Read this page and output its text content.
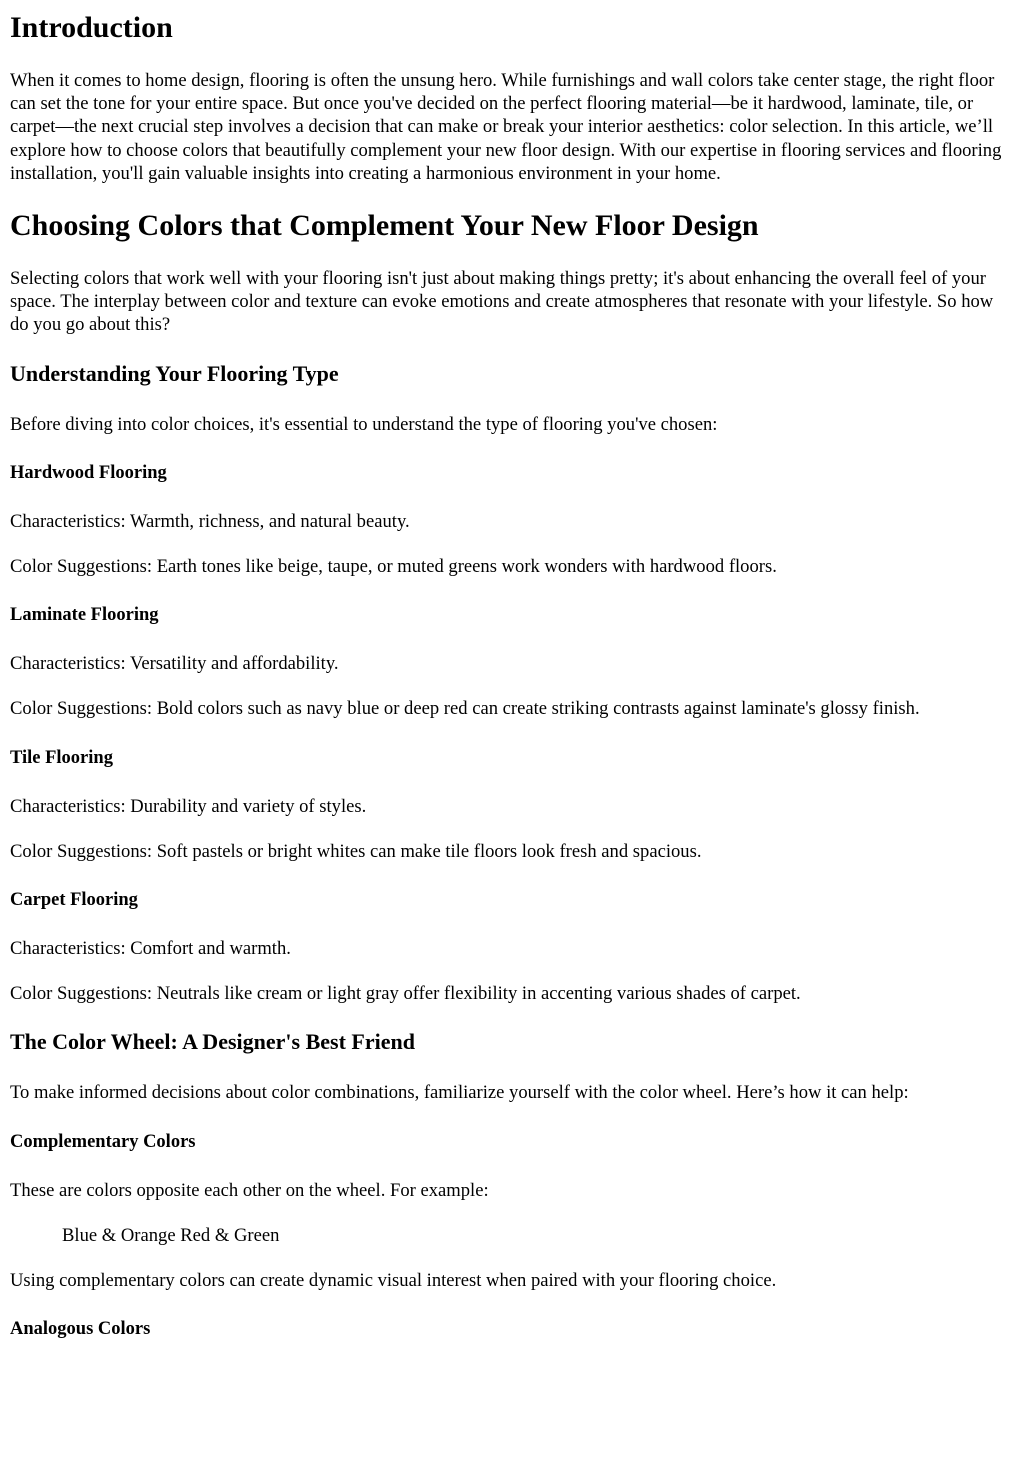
Introduction

When it comes to home design, flooring is often the unsung hero. While furnishings and wall colors take center stage, the right floor can set the tone for your entire space. But once you've decided on the perfect flooring material—be it hardwood, laminate, tile, or carpet—the next crucial step involves a decision that can make or break your interior aesthetics: color selection. In this article, we’ll explore how to choose colors that beautifully complement your new floor design. With our expertise in flooring services and flooring installation, you'll gain valuable insights into creating a harmonious environment in your home.

Choosing Colors that Complement Your New Floor Design

Selecting colors that work well with your flooring isn't just about making things pretty; it's about enhancing the overall feel of your space. The interplay between color and texture can evoke emotions and create atmospheres that resonate with your lifestyle. So how do you go about this?

Understanding Your Flooring Type

Before diving into color choices, it's essential to understand the type of flooring you've chosen:

Hardwood Flooring

Characteristics: Warmth, richness, and natural beauty.

Color Suggestions: Earth tones like beige, taupe, or muted greens work wonders with hardwood floors.

Laminate Flooring

Characteristics: Versatility and affordability.

Color Suggestions: Bold colors such as navy blue or deep red can create striking contrasts against laminate's glossy finish.

Tile Flooring

Characteristics: Durability and variety of styles.

Color Suggestions: Soft pastels or bright whites can make tile floors look fresh and spacious.

Carpet Flooring

Characteristics: Comfort and warmth.

Color Suggestions: Neutrals like cream or light gray offer flexibility in accenting various shades of carpet.

The Color Wheel: A Designer's Best Friend

To make informed decisions about color combinations, familiarize yourself with the color wheel. Here’s how it can help:

Complementary Colors

These are colors opposite each other on the wheel. For example:

Blue & Orange Red & Green

Using complementary colors can create dynamic visual interest when paired with your flooring choice.

Analogous Colors
